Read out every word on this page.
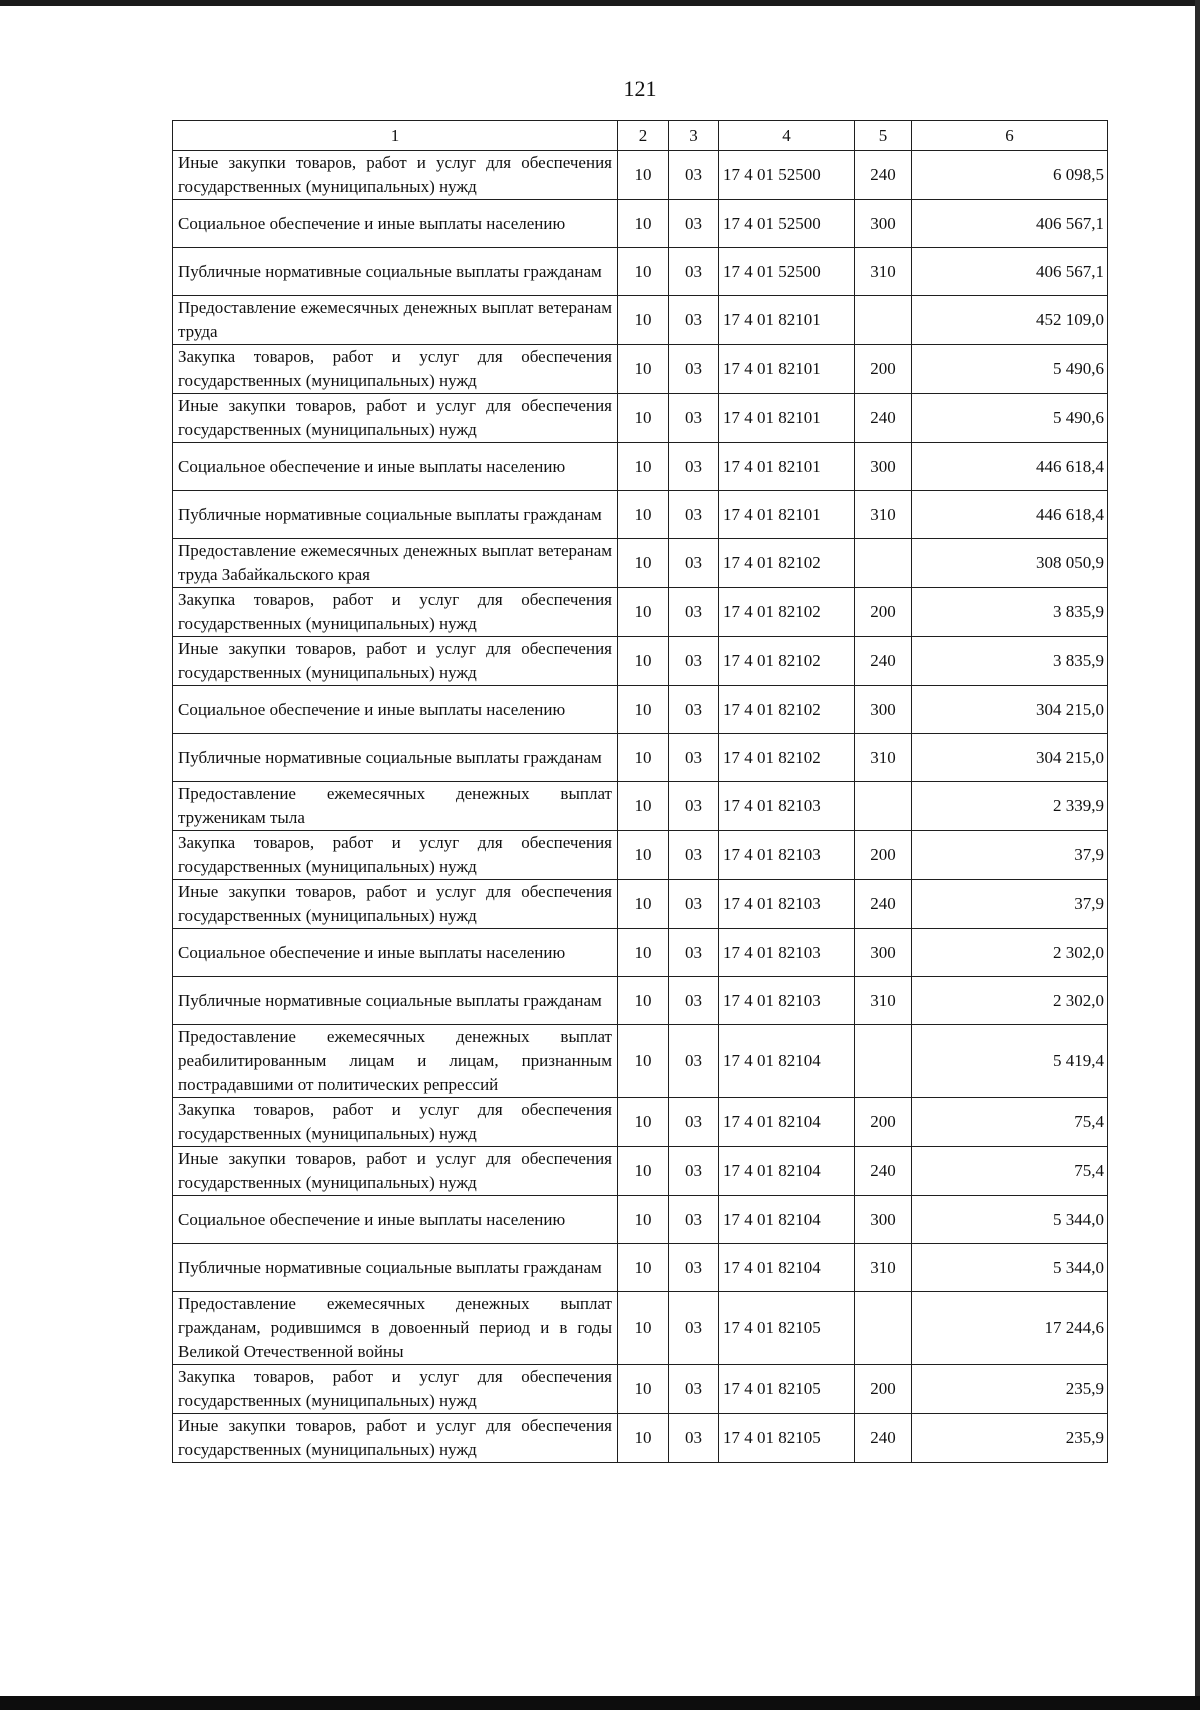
121
1	2	3	4	5	6
Иные закупки товаров, работ и услуг для обеспечения государственных (муниципальных) нужд	10	03	17 4 01 52500	240	6 098,5
Социальное обеспечение и иные выплаты населению	10	03	17 4 01 52500	300	406 567,1
Публичные нормативные социальные выплаты гражданам	10	03	17 4 01 52500	310	406 567,1
Предоставление ежемесячных денежных выплат ветеранам труда	10	03	17 4 01 82101		452 109,0
Закупка товаров, работ и услуг для обеспечения государственных (муниципальных) нужд	10	03	17 4 01 82101	200	5 490,6
Иные закупки товаров, работ и услуг для обеспечения государственных (муниципальных) нужд	10	03	17 4 01 82101	240	5 490,6
Социальное обеспечение и иные выплаты населению	10	03	17 4 01 82101	300	446 618,4
Публичные нормативные социальные выплаты гражданам	10	03	17 4 01 82101	310	446 618,4
Предоставление ежемесячных денежных выплат ветеранам труда Забайкальского края	10	03	17 4 01 82102		308 050,9
Закупка товаров, работ и услуг для обеспечения государственных (муниципальных) нужд	10	03	17 4 01 82102	200	3 835,9
Иные закупки товаров, работ и услуг для обеспечения государственных (муниципальных) нужд	10	03	17 4 01 82102	240	3 835,9
Социальное обеспечение и иные выплаты населению	10	03	17 4 01 82102	300	304 215,0
Публичные нормативные социальные выплаты гражданам	10	03	17 4 01 82102	310	304 215,0
Предоставление ежемесячных денежных выплат труженикам тыла	10	03	17 4 01 82103		2 339,9
Закупка товаров, работ и услуг для обеспечения государственных (муниципальных) нужд	10	03	17 4 01 82103	200	37,9
Иные закупки товаров, работ и услуг для обеспечения государственных (муниципальных) нужд	10	03	17 4 01 82103	240	37,9
Социальное обеспечение и иные выплаты населению	10	03	17 4 01 82103	300	2 302,0
Публичные нормативные социальные выплаты гражданам	10	03	17 4 01 82103	310	2 302,0
Предоставление ежемесячных денежных выплат реабилитированным лицам и лицам, признанным пострадавшими от политических репрессий	10	03	17 4 01 82104		5 419,4
Закупка товаров, работ и услуг для обеспечения государственных (муниципальных) нужд	10	03	17 4 01 82104	200	75,4
Иные закупки товаров, работ и услуг для обеспечения государственных (муниципальных) нужд	10	03	17 4 01 82104	240	75,4
Социальное обеспечение и иные выплаты населению	10	03	17 4 01 82104	300	5 344,0
Публичные нормативные социальные выплаты гражданам	10	03	17 4 01 82104	310	5 344,0
Предоставление ежемесячных денежных выплат гражданам, родившимся в довоенный период и в годы Великой Отечественной войны	10	03	17 4 01 82105		17 244,6
Закупка товаров, работ и услуг для обеспечения государственных (муниципальных) нужд	10	03	17 4 01 82105	200	235,9
Иные закупки товаров, работ и услуг для обеспечения государственных (муниципальных) нужд	10	03	17 4 01 82105	240	235,9
